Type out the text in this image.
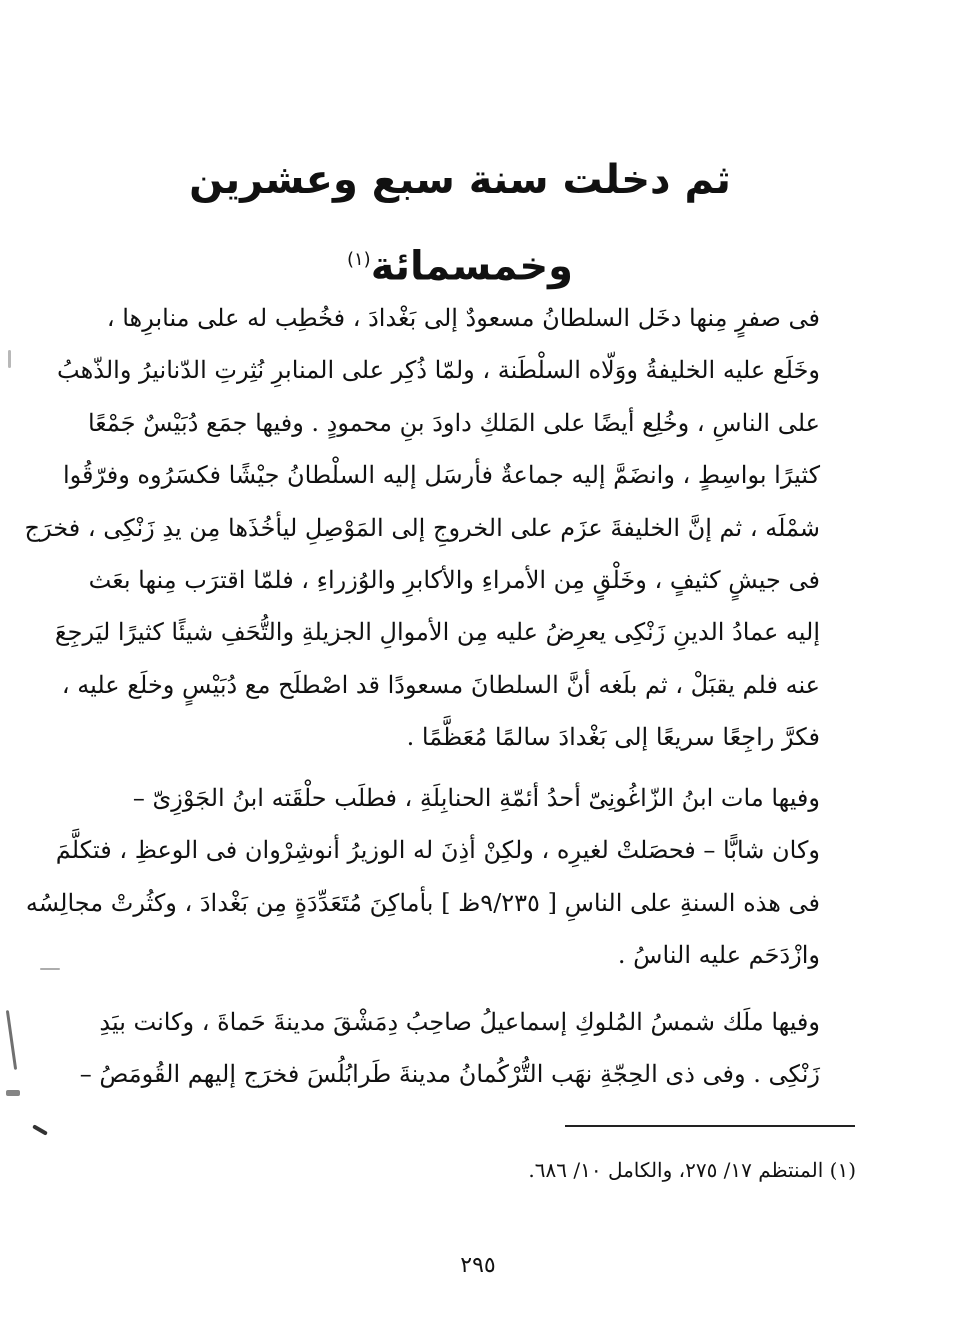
ثم دخلت سنة سبع وعشرين وخمسمائة$^{(١)}$
فى صفرٍ مِنها دخَل السلطانُ مسعودٌ إلى بَغْدادَ ، فخُطِب له على منابرِها ،
وخَلَع عليه الخليفةُ ووَلّاه السلْطَنة ، ولمّا ذُكِر على المنابرِ نُثِرتِ الدّنانيرُ والذّهبُ
على الناسِ ، وخُلِع أيضًا على المَلكِ داودَ بنِ محمودٍ . وفيها جمَع دُبَيْسٌ جَمْعًا
كثيرًا بواسِطٍ ، وانضَمَّ إليه جماعةٌ فأرسَل إليه السلْطانُ جيْشًا فكسَرُوه وفرّقُوا
شمْلَه ، ثم إنَّ الخليفةَ عزَم على الخروجِ إلى المَوْصِلِ ليأخُذَها مِن يدِ زَنْكِى ، فخرَج
فى جيشٍ كثيفٍ ، وخَلْقٍ مِن الأمراءِ والأكابرِ والوُزراءِ ، فلمّا اقترَب مِنها بعَث
إليه عمادُ الدينِ زَنْكِى يعرِضُ عليه مِن الأموالِ الجزيلةِ والتُّحَفِ شيئًا كثيرًا ليَرجِعَ
عنه فلم يقبَلْ ، ثم بلَغه أنَّ السلطانَ مسعودًا قد اصْطلَح مع دُبَيْسٍ وخلَع عليه ،
فكرَّ راجِعًا سريعًا إلى بَغْدادَ سالمًا مُعَظَّمًا .
وفيها مات ابنُ الزّاغُونِىّ أحدُ أئمّةِ الحنابِلَةِ ، فطلَب حلْقَته ابنُ الجَوْزِىّ –
وكان شابًّا – فحصَلتْ لغيرِه ، ولكِنْ أذِنَ له الوزيرُ أنوشِرْوان فى الوعظِ ، فتكلَّمَ
فى هذه السنةِ على الناسِ [ ٩/٢٣٥ظ ] بأماكِنَ مُتَعَدِّدَةٍ مِن بَغْدادَ ، وكثُرتْ مجالِسُه
وازْدَحَم عليه الناسُ .
وفيها ملَك شمسُ المُلوكِ إسماعيلُ صاحِبُ دِمَشْقَ مدينةَ حَماةَ ، وكانت بيَدِ
زَنْكِى . وفى ذى الحِجّةِ نهَب التُّرْكُمانُ مدينةَ طَرابُلُسَ فخرَج إليهم القُومَصُ –
(١) المنتظم ١٧/ ٢٧٥، والكامل ١٠/ ٦٨٦.
٢٩٥
